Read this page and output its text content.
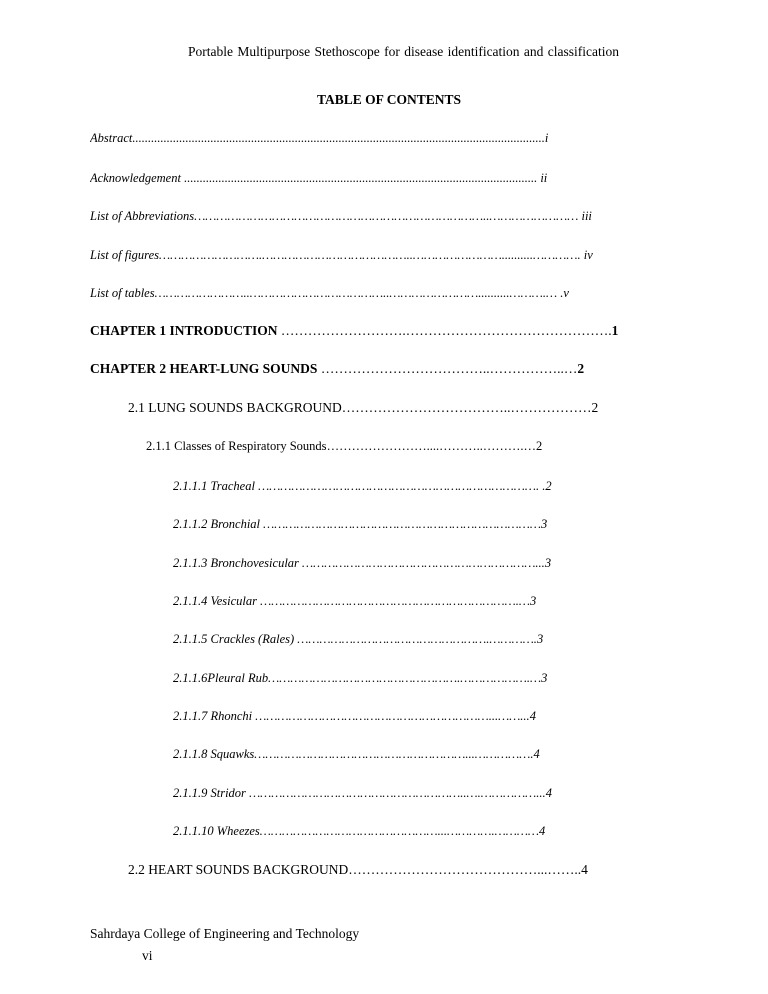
Portable Multipurpose Stethoscope for disease identification and classification
TABLE OF CONTENTS
Abstract....................................................................................................................................i
Acknowledgement ................................................................................................................. ii
List of Abbreviations……………………………………………………………………..…………………… iii
List of figures……………………….…………………………………..……………………..........…………. iv
List of tables……………………..………………………………..……………………..........……….… .v
CHAPTER 1 INTRODUCTION ……………………….……………………………………….1
CHAPTER 2 HEART-LUNG SOUNDS ………………………………..……………..…2
2.1 LUNG SOUNDS BACKGROUND………………………………..………………2
2.1.1 Classes of Respiratory Sounds……………………....………..……….…2
2.1.1.1 Tracheal …………………………………………………………………. .2
2.1.1.2 Bronchial …………………………………………………………………3
2.1.1.3 Bronchovesicular ………………………………………………………...3
2.1.1.4 Vesicular …………………………………………………………….…3
2.1.1.5 Crackles (Rales) …………………………………………….………….3
2.1.1.6Pleural Rub…………………………………………….……………….…3
2.1.1.7 Rhonchi ………………………………………………………...……...4
2.1.1.8 Squawks…………………………………………………...…………….4
2.1.1.9 Stridor …………………………………………………..….……………...4
2.1.1.10 Wheezes…………………………………………...………….…………4
2.2 HEART SOUNDS BACKGROUND……………………………………...……..4
Sahrdaya College of Engineering and Technology
vi
